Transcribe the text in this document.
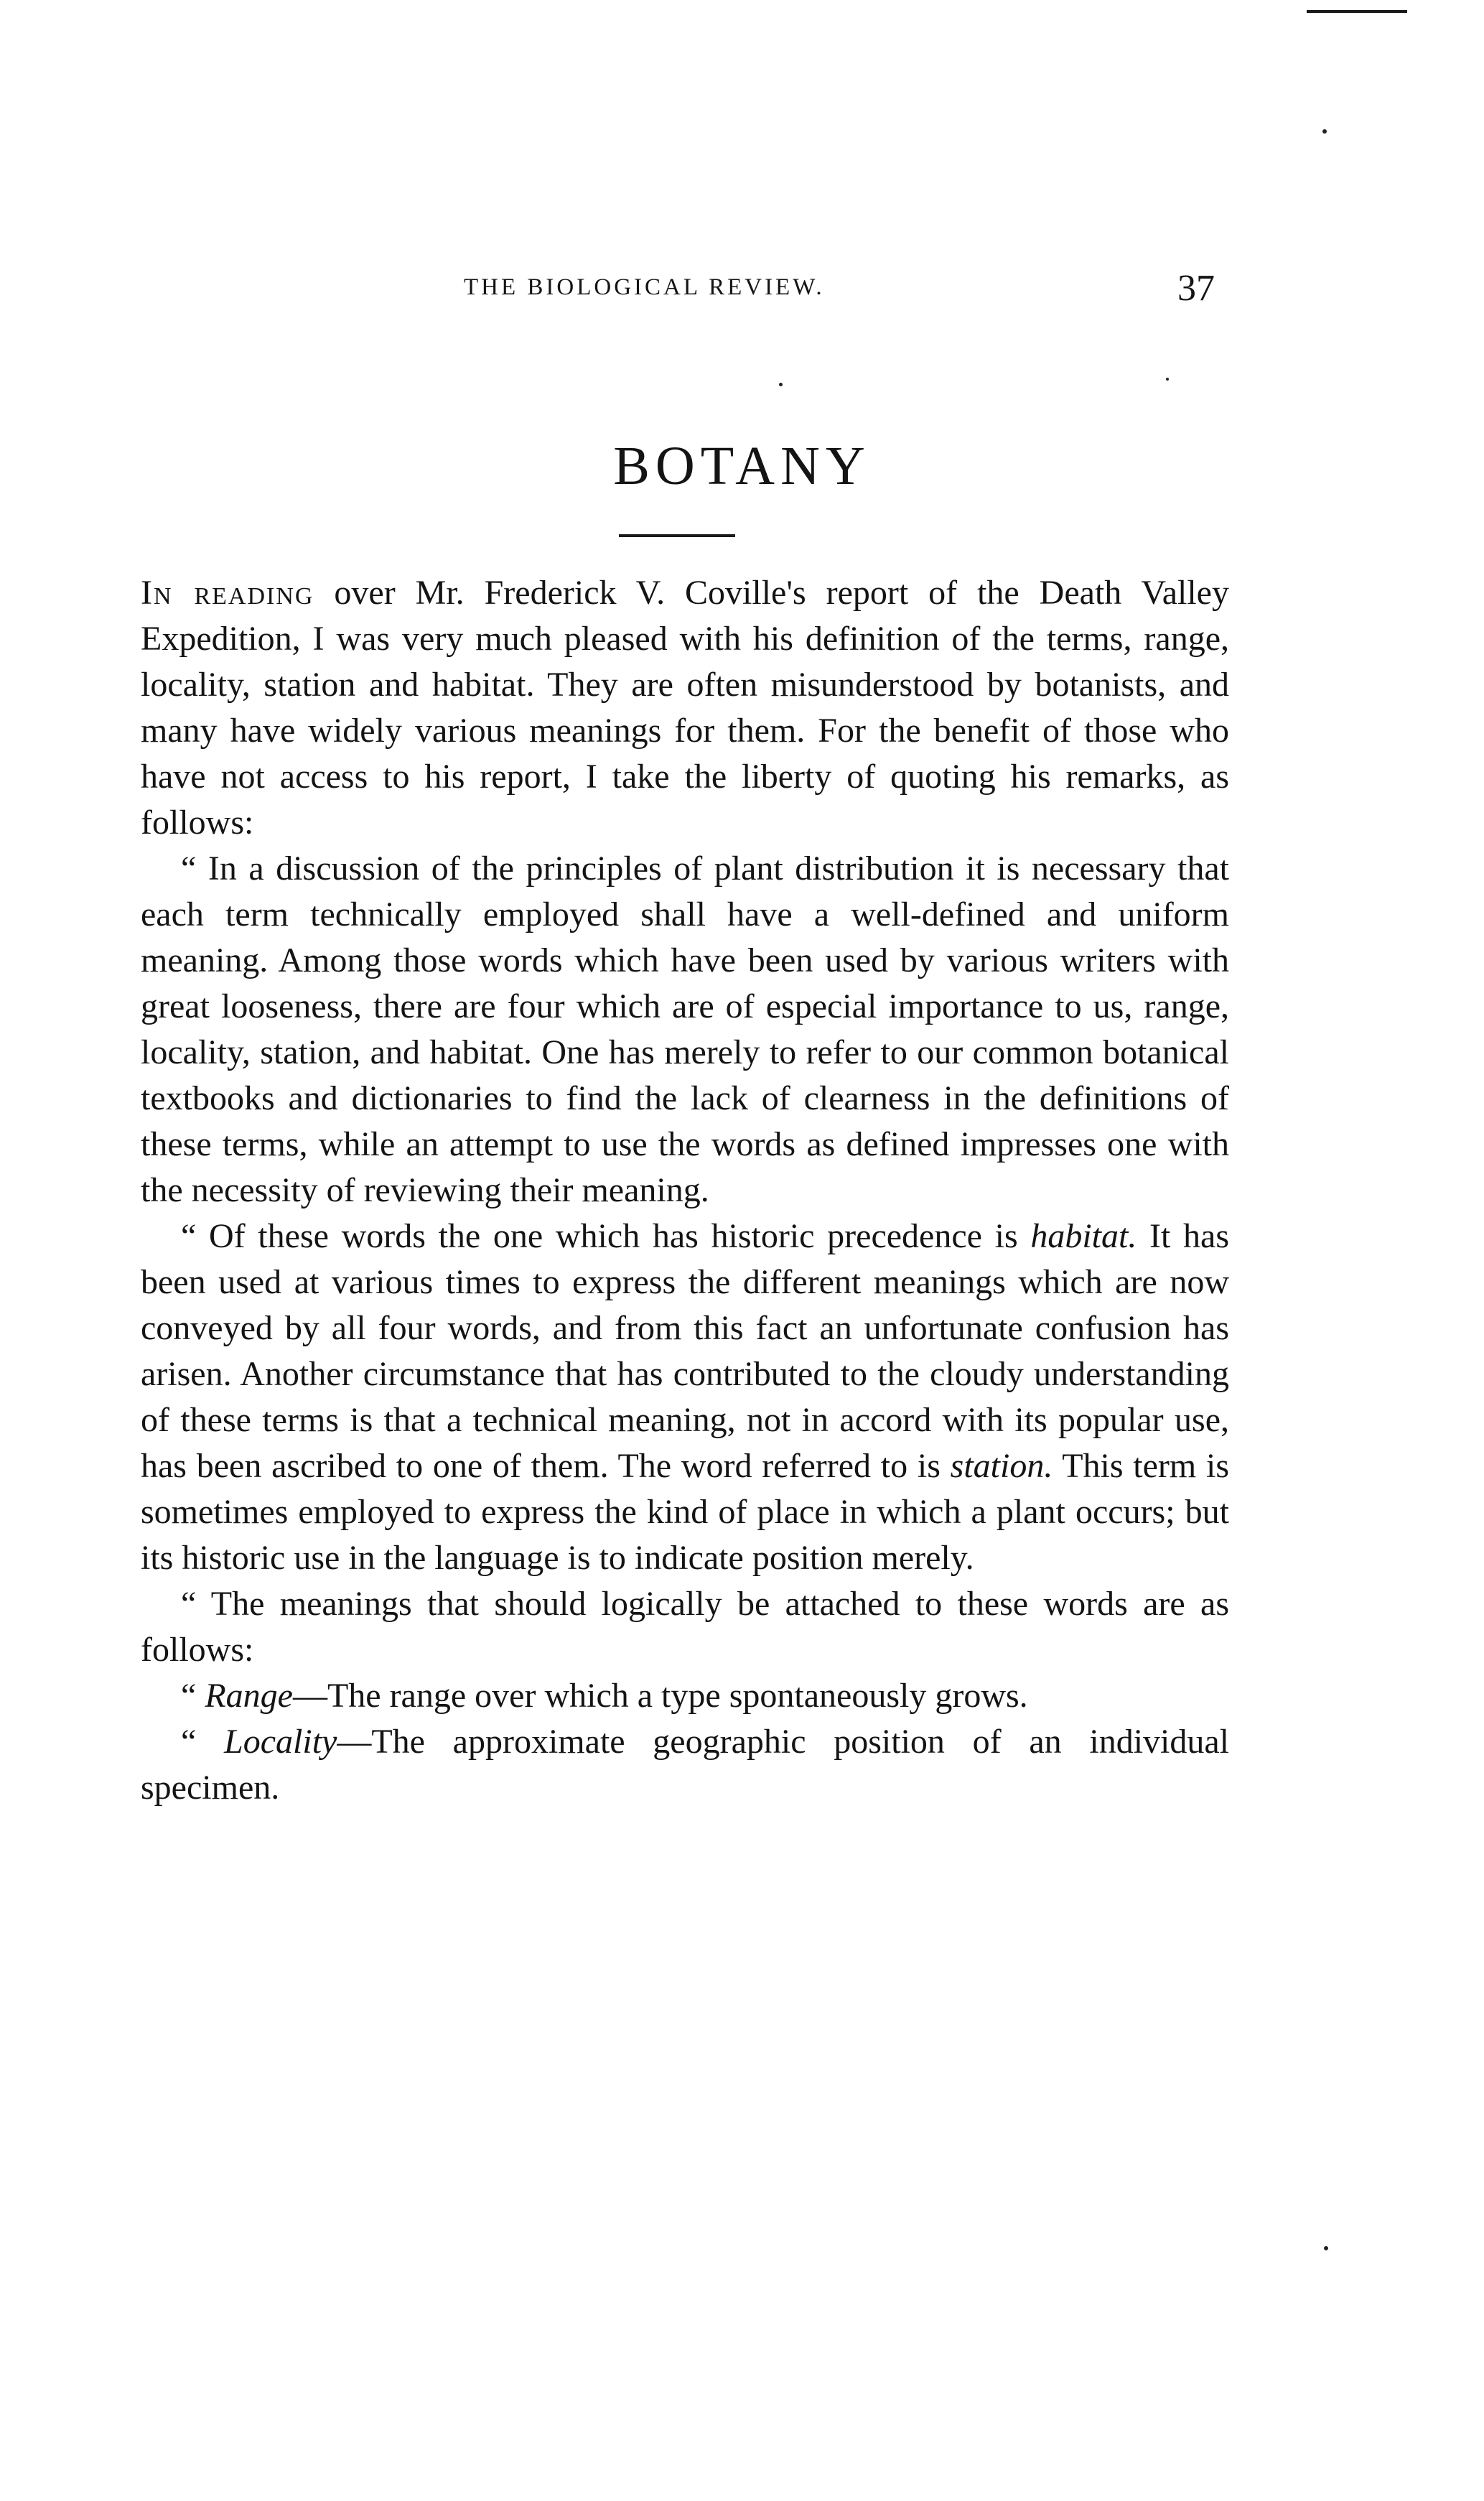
THE BIOLOGICAL REVIEW.	37
BOTANY

In reading over Mr. Frederick V. Coville's report of the Death Valley Expedition, I was very much pleased with his definition of the terms, range, locality, station and habitat. They are often misunderstood by botanists, and many have widely various meanings for them. For the benefit of those who have not access to his report, I take the liberty of quoting his remarks, as follows:

“ In a discussion of the principles of plant distribution it is necessary that each term technically employed shall have a well-defined and uniform meaning. Among those words which have been used by various writers with great looseness, there are four which are of especial importance to us, range, locality, station, and habitat. One has merely to refer to our common botanical textbooks and dictionaries to find the lack of clearness in the definitions of these terms, while an attempt to use the words as defined impresses one with the necessity of reviewing their meaning.

“ Of these words the one which has historic precedence is habitat. It has been used at various times to express the different meanings which are now conveyed by all four words, and from this fact an unfortunate confusion has arisen. Another circumstance that has contributed to the cloudy understanding of these terms is that a technical meaning, not in accord with its popular use, has been ascribed to one of them. The word referred to is station. This term is sometimes employed to express the kind of place in which a plant occurs; but its historic use in the language is to indicate position merely.

“ The meanings that should logically be attached to these words are as follows:

“ Range—The range over which a type spontaneously grows.

“ Locality—The approximate geographic position of an individual specimen.
